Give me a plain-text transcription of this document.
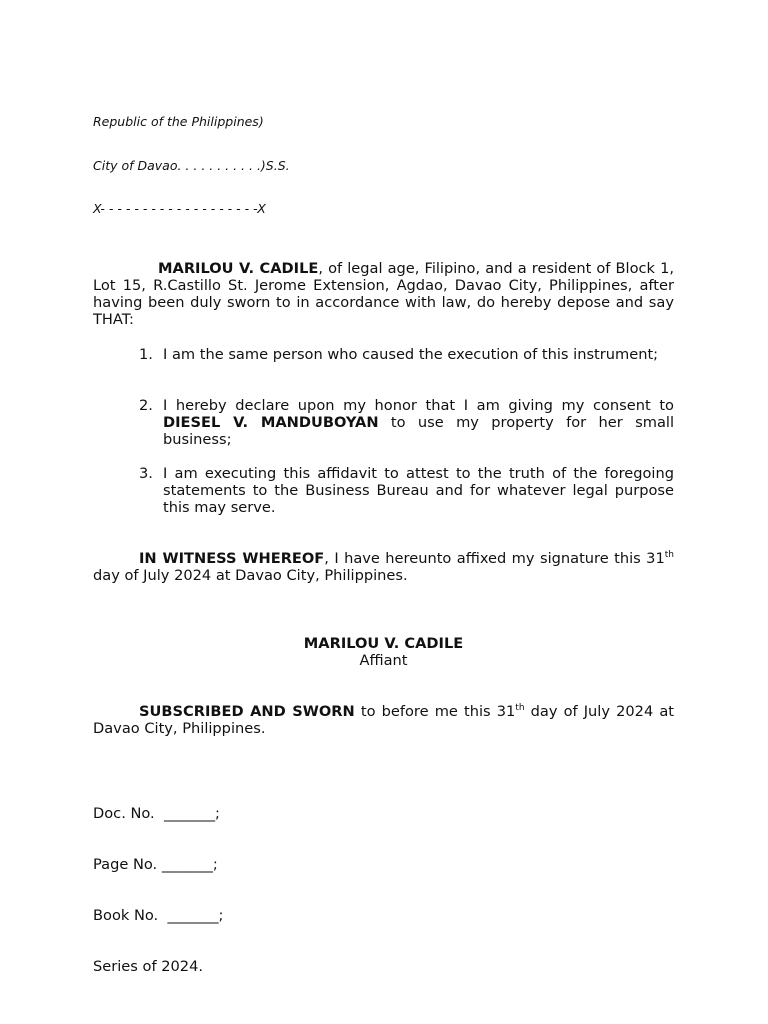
Republic of the Philippines)

City of Davao. . . . . . . . . . .)S.S.

X- - - - - - - - - - - - - - - - - - -X

MARILOU V. CADILE, of legal age, Filipino, and a resident of Block 1, Lot 15, R.Castillo St. Jerome Extension, Agdao, Davao City, Philippines, after having been duly sworn to in accordance with law, do hereby depose and say THAT:
1. I am the same person who caused the execution of this instrument;
2. I hereby declare upon my honor that I am giving my consent to DIESEL V. MANDUBOYAN to use my property for her small business;
3. I am executing this affidavit to attest to the truth of the foregoing statements to the Business Bureau and for whatever legal purpose this may serve.
IN WITNESS WHEREOF, I have hereunto affixed my signature this 31th day of July 2024 at Davao City, Philippines.
MARILOU V. CADILE
Affiant
SUBSCRIBED AND SWORN to before me this 31th day of July 2024 at Davao City, Philippines.

Doc. No.  _______;

Page No. _______;

Book No.  _______;

Series of 2024.
